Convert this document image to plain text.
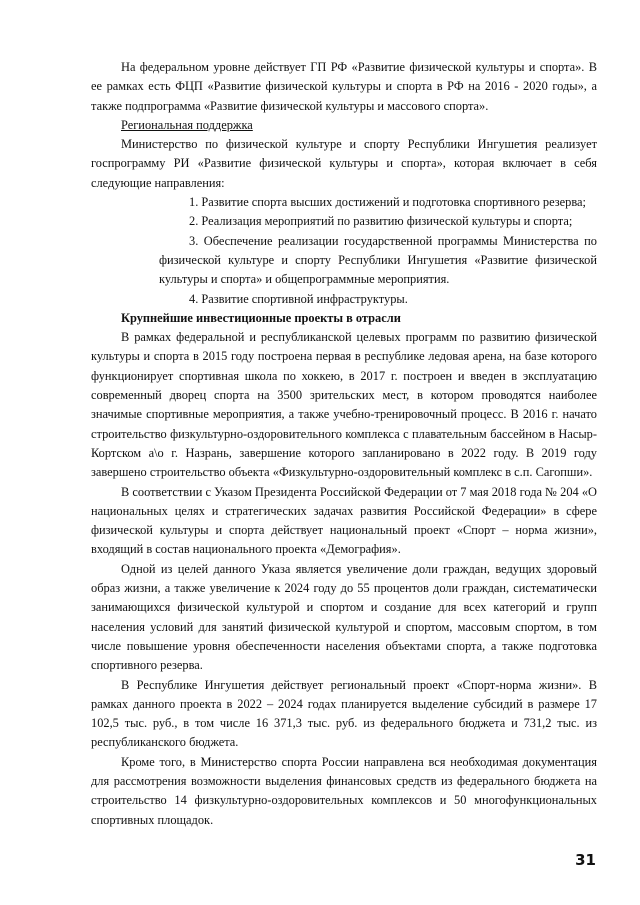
На федеральном уровне действует ГП РФ «Развитие физической культуры и спорта». В ее рамках есть ФЦП «Развитие физической культуры и спорта в РФ на 2016 - 2020 годы», а также подпрограмма «Развитие физической культуры и массового спорта».

Региональная поддержка

Министерство по физической культуре и спорту Республики Ингушетия реализует госпрограмму РИ «Развитие физической культуры и спорта», которая включает в себя следующие направления:

1. Развитие спорта высших достижений и подготовка спортивного резерва;
2. Реализация мероприятий по развитию физической культуры и спорта;
3. Обеспечение реализации государственной программы Министерства по физической культуре и спорту Республики Ингушетия «Развитие физической культуры и спорта» и общепрограммные мероприятия.
4. Развитие спортивной инфраструктуры.

Крупнейшие инвестиционные проекты в отрасли

В рамках федеральной и республиканской целевых программ по развитию физической культуры и спорта в 2015 году построена первая в республике ледовая арена, на базе которого функционирует спортивная школа по хоккею, в 2017 г. построен и введен в эксплуатацию современный дворец спорта на 3500 зрительских мест, в котором проводятся наиболее значимые спортивные мероприятия, а также учебно-тренировочный процесс. В 2016 г. начато строительство физкультурно-оздоровительного комплекса с плавательным бассейном в Насыр-Кортском а\о г. Назрань, завершение которого запланировано в 2022 году. В 2019 году завершено строительство объекта «Физкультурно-оздоровительный комплекс в с.п. Сагопши».

В соответствии с Указом Президента Российской Федерации от 7 мая 2018 года № 204 «О национальных целях и стратегических задачах развития Российской Федерации» в сфере физической культуры и спорта действует национальный проект «Спорт – норма жизни», входящий в состав национального проекта «Демография».

Одной из целей данного Указа является увеличение доли граждан, ведущих здоровый образ жизни, а также увеличение к 2024 году до 55 процентов доли граждан, систематически занимающихся физической культурой и спортом и создание для всех категорий и групп населения условий для занятий физической культурой и спортом, массовым спортом, в том числе повышение уровня обеспеченности населения объектами спорта, а также подготовка спортивного резерва.

В Республике Ингушетия действует региональный проект «Спорт-норма жизни». В рамках данного проекта в 2022 – 2024 годах планируется выделение субсидий в размере 17 102,5 тыс. руб., в том числе 16 371,3 тыс. руб. из федерального бюджета и 731,2 тыс. из республиканского бюджета.

Кроме того, в Министерство спорта России направлена вся необходимая документация для рассмотрения возможности выделения финансовых средств из федерального бюджета на строительство 14 физкультурно-оздоровительных комплексов и 50 многофункциональных спортивных площадок.

31
